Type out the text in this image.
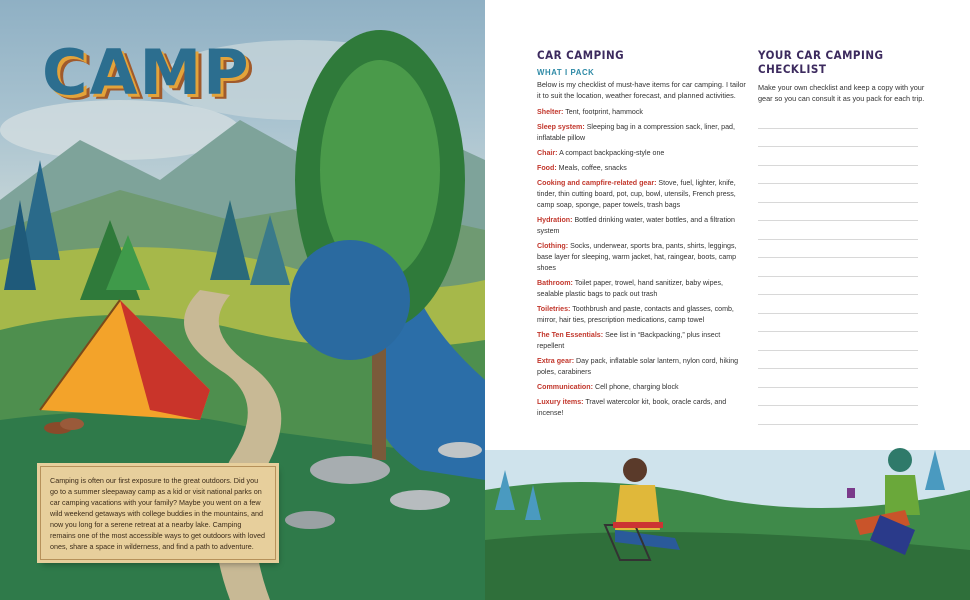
CAMP

Camping is often our first exposure to the great outdoors. Did you go to a summer sleepaway camp as a kid or visit national parks on car camping vacations with your family? Maybe you went on a few wild weekend getaways with college buddies in the mountains, and now you long for a serene retreat at a nearby lake. Camping remains one of the most accessible ways to get outdoors with loved ones, share a space in wilderness, and find a path to adventure.

CAR CAMPING
WHAT I PACK

Below is my checklist of must-have items for car camping. I tailor it to suit the location, weather forecast, and planned activities.

Shelter: Tent, footprint, hammock

Sleep system: Sleeping bag in a compression sack, liner, pad, inflatable pillow

Chair: A compact backpacking-style one

Food: Meals, coffee, snacks

Cooking and campfire-related gear: Stove, fuel, lighter, knife, tinder, thin cutting board, pot, cup, bowl, utensils, French press, camp soap, sponge, paper towels, trash bags

Hydration: Bottled drinking water, water bottles, and a filtration system

Clothing: Socks, underwear, sports bra, pants, shirts, leggings, base layer for sleeping, warm jacket, hat, raingear, boots, camp shoes

Bathroom: Toilet paper, trowel, hand sanitizer, baby wipes, sealable plastic bags to pack out trash

Toiletries: Toothbrush and paste, contacts and glasses, comb, mirror, hair ties, prescription medications, camp towel

The Ten Essentials: See list in “Backpacking,” plus insect repellent

Extra gear: Day pack, inflatable solar lantern, nylon cord, hiking poles, carabiners

Communication: Cell phone, charging block

Luxury items: Travel watercolor kit, book, oracle cards, and incense!

YOUR CAR CAMPING CHECKLIST

Make your own checklist and keep a copy with your gear so you can consult it as you pack for each trip.
